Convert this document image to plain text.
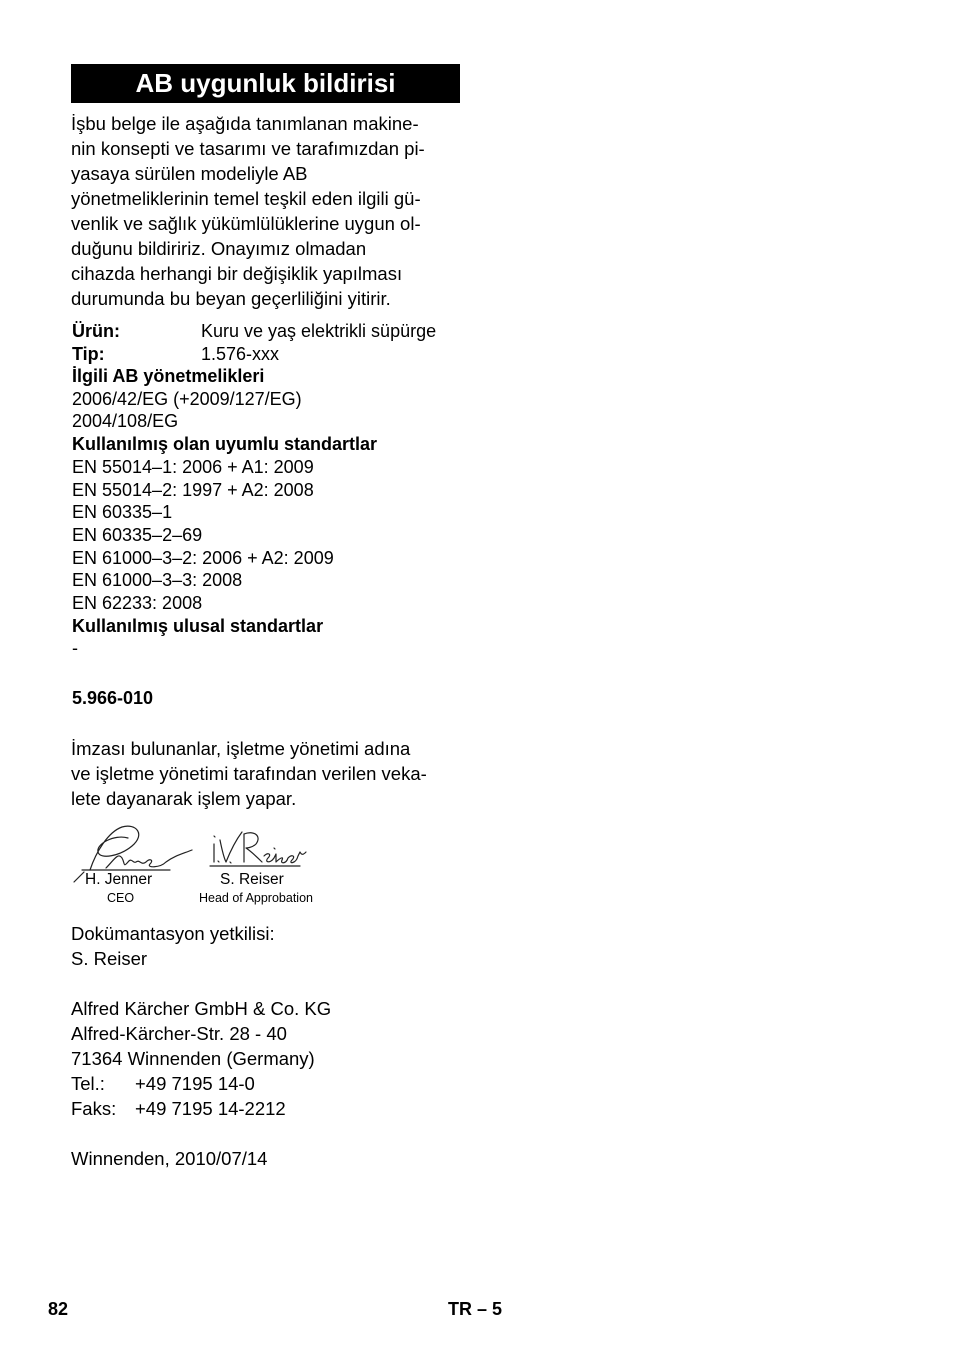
AB uygunluk bildirisi
İşbu belge ile aşağıda tanımlanan makine-
nin konsepti ve tasarımı ve tarafımızdan pi-
yasaya sürülen modeliyle AB
yönetmeliklerinin temel teşkil eden ilgili gü-
venlik ve sağlık yükümlülüklerine uygun ol-
duğunu bildiririz. Onayımız olmadan
cihazda herhangi bir değişiklik yapılması
durumunda bu beyan geçerliliğini yitirir.
Ürün:	Kuru ve yaş elektrikli süpürge
Tip:	1.576-xxx
İlgili AB yönetmelikleri
2006/42/EG (+2009/127/EG)
2004/108/EG
Kullanılmış olan uyumlu standartlar
EN 55014–1: 2006 + A1: 2009
EN 55014–2: 1997 + A2: 2008
EN 60335–1
EN 60335–2–69
EN 61000–3–2: 2006 + A2: 2009
EN 61000–3–3: 2008
EN 62233: 2008
Kullanılmış ulusal standartlar
-
5.966-010
İmzası bulunanlar, işletme yönetimi adına
ve işletme yönetimi tarafından verilen veka-
lete dayanarak işlem yapar.
H. Jenner
CEO
S. Reiser
Head of Approbation
Dokümantasyon yetkilisi:
S. Reiser
Alfred Kärcher GmbH & Co. KG
Alfred-Kärcher-Str. 28 - 40
71364 Winnenden (Germany)
Tel.: +49 7195 14-0
Faks: +49 7195 14-2212
Winnenden, 2010/07/14
82	TR – 5
